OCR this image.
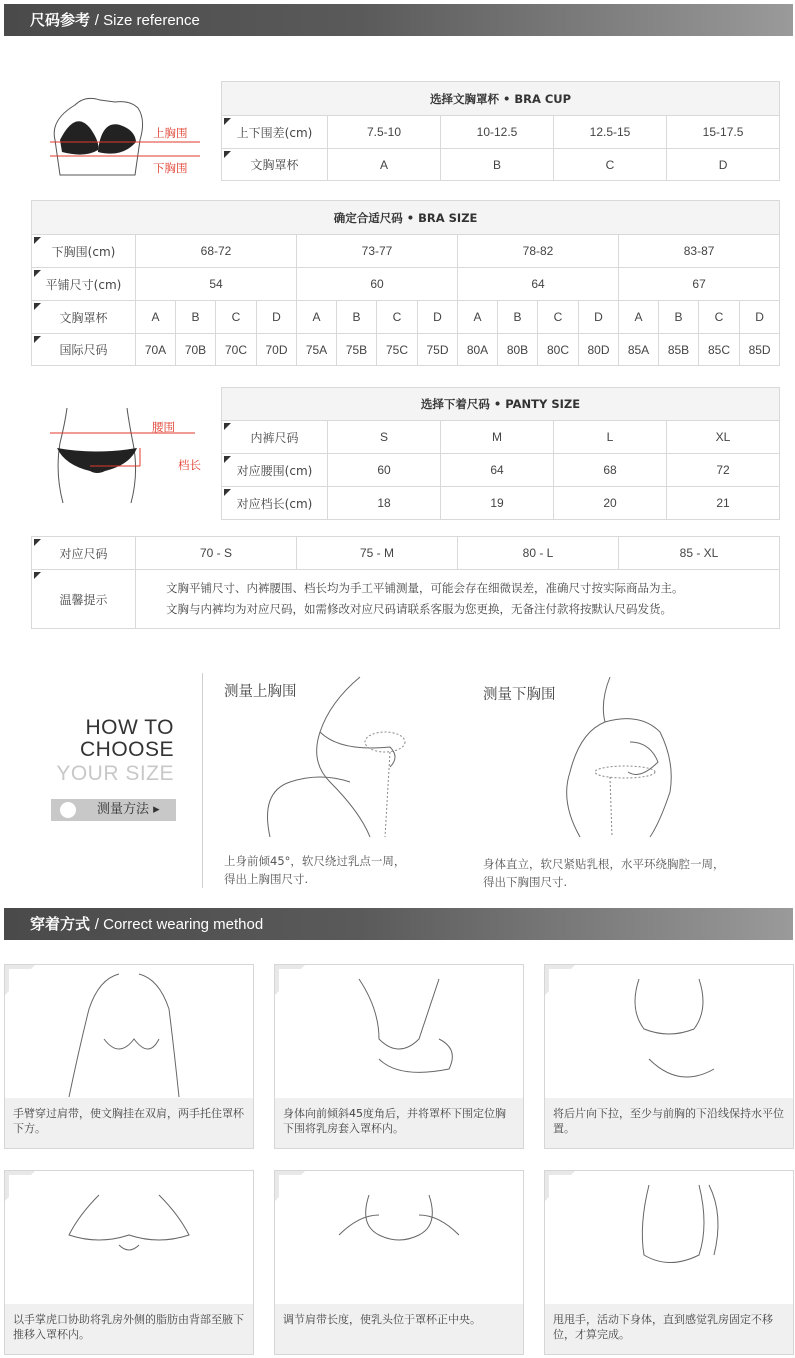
尺码参考 / Size reference
上胸围
下胸围
选择文胸罩杯 • BRA CUP				
上下围差(cm)	7.5-10	10-12.5	12.5-15	15-17.5
文胸罩杯	A	B	C	D
确定合适尺码 • BRA SIZE																
下胸围(cm)	68-72				73-77				78-82				83-87			
平铺尺寸(cm)	54				60				64				67			
文胸罩杯	A	B	C	D	A	B	C	D	A	B	C	D	A	B	C	D
国际尺码	70A	70B	70C	70D	75A	75B	75C	75D	80A	80B	80C	80D	85A	85B	85C	85D
腰围
档长
选择下着尺码 • PANTY SIZE				
内裤尺码	S	M	L	XL
对应腰围(cm)	60	64	68	72
对应档长(cm)	18	19	20	21
对应尺码	70 - S	75 - M	80 - L	85 - XL
温馨提示	文胸平铺尺寸、内裤腰围、档长均为手工平铺测量，可能会存在细微误差，准确尺寸按实际商品为主。
文胸与内裤均为对应尺码，如需修改对应尺码请联系客服为您更换，无备注付款将按默认尺码发货。			
HOW TO
CHOOSE
YOUR SIZE
测量方法 ▸
测量上胸围
上身前倾45°，软尺绕过乳点一周，
得出上胸围尺寸.
测量下胸围
身体直立，软尺紧贴乳根，水平环绕胸腔一周，
得出下胸围尺寸.
穿着方式 / Correct wearing method
1.
手臂穿过肩带，使文胸挂在双肩，两手托住罩杯下方。
2.
身体向前倾斜45度角后，并将罩杯下围定位胸下围将乳房套入罩杯内。
3.
将后片向下拉，至少与前胸的下沿线保持水平位置。
4.
以手掌虎口协助将乳房外侧的脂肪由背部至腋下推移入罩杯内。
5.
调节肩带长度，使乳头位于罩杯正中央。
6.
甩甩手，活动下身体，直到感觉乳房固定不移位，才算完成。
